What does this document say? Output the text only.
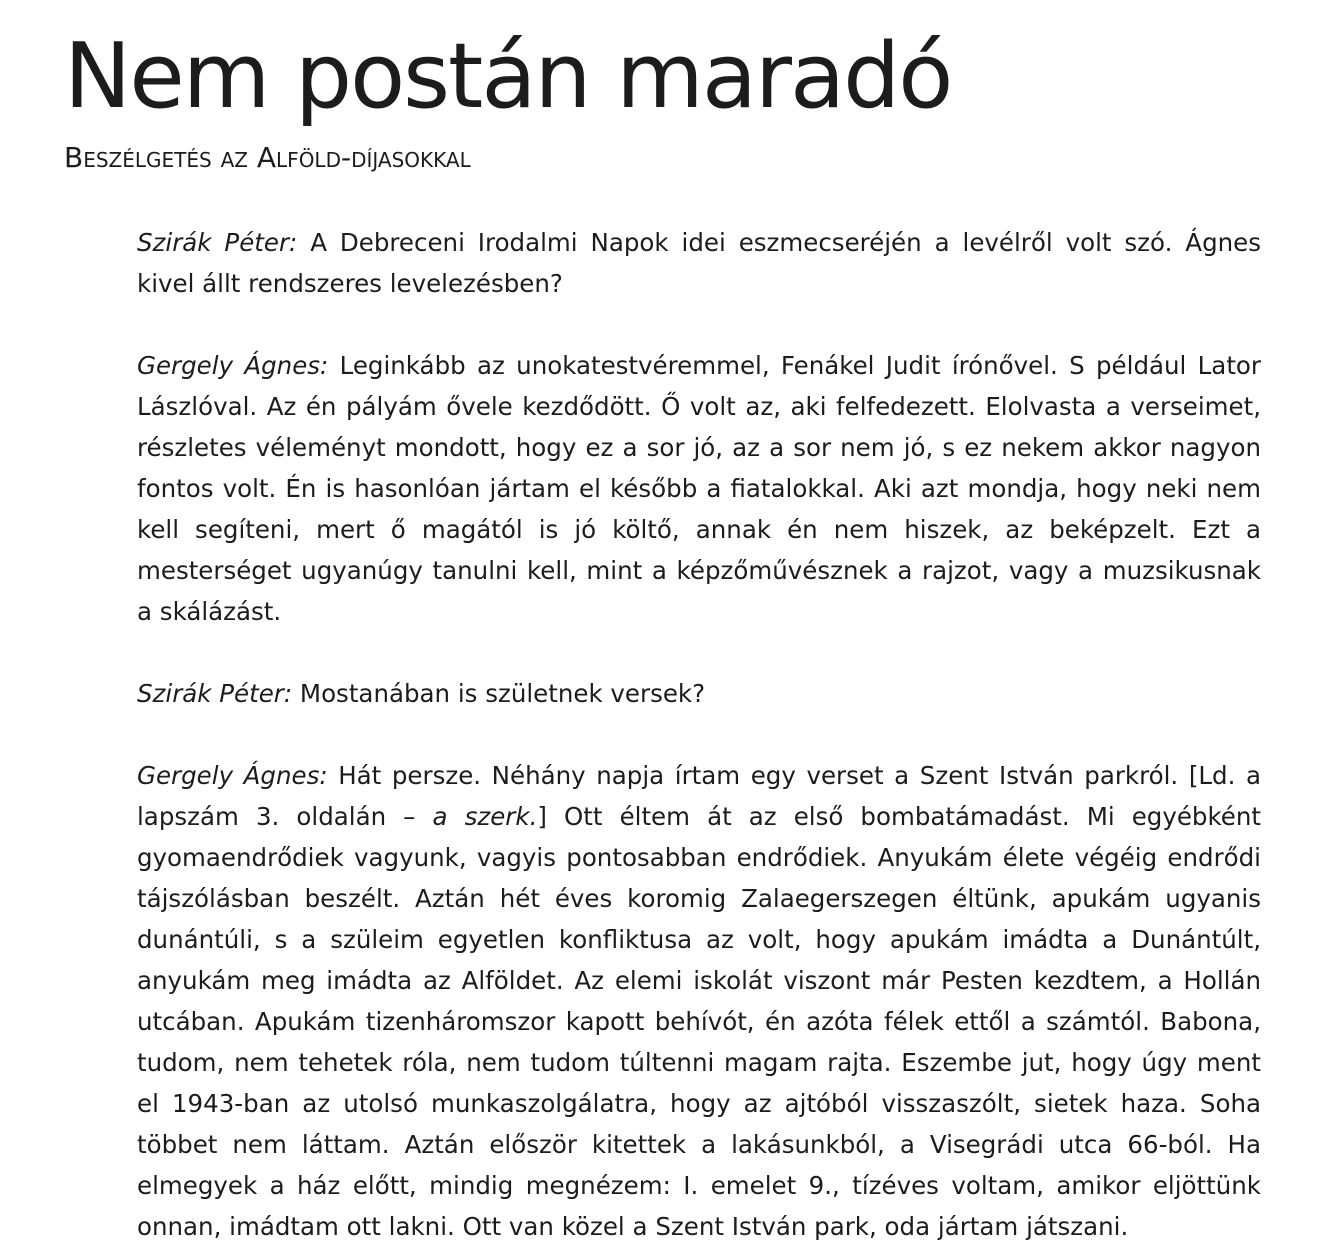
Nem postán maradó
Beszélgetés az Alföld-díjasokkal

Szirák Péter: A Debreceni Irodalmi Napok idei eszmecseréjén a levélről volt szó. Ágnes kivel állt rendszeres levelezésben?

Gergely Ágnes: Leginkább az unokatestvéremmel, Fenákel Judit írónővel. S például Lator Lászlóval. Az én pályám ővele kezdődött. Ő volt az, aki felfedezett. Elolvasta a verseimet, részletes véleményt mondott, hogy ez a sor jó, az a sor nem jó, s ez nekem akkor nagyon fontos volt. Én is hasonlóan jártam el később a fiatalokkal. Aki azt mondja, hogy neki nem kell segíteni, mert ő magától is jó költő, annak én nem hiszek, az beképzelt. Ezt a mesterséget ugyanúgy tanulni kell, mint a képzőművésznek a rajzot, vagy a muzsikusnak a skálázást.

Szirák Péter: Mostanában is születnek versek?

Gergely Ágnes: Hát persze. Néhány napja írtam egy verset a Szent István parkról. [Ld. a lapszám 3. oldalán – a szerk.] Ott éltem át az első bombatámadást. Mi egyébként gyomaendrődiek vagyunk, vagyis pontosabban endrődiek. Anyukám élete végéig endrődi tájszólásban beszélt. Aztán hét éves koromig Zalaegerszegen éltünk, apukám ugyanis dunántúli, s a szüleim egyetlen konfliktusa az volt, hogy apukám imádta a Dunántúlt, anyukám meg imádta az Alföldet. Az elemi iskolát viszont már Pesten kezdtem, a Hollán utcában. Apukám tizenháromszor kapott behívót, én azóta félek ettől a számtól. Babona, tudom, nem tehetek róla, nem tudom túltenni magam rajta. Eszembe jut, hogy úgy ment el 1943-ban az utolsó munkaszolgálatra, hogy az ajtóból visszaszólt, sietek haza. Soha többet nem láttam. Aztán először kitettek a lakásunkból, a Visegrádi utca 66-ból. Ha elmegyek a ház előtt, mindig megnézem: I. emelet 9., tízéves voltam, amikor eljöttünk onnan, imádtam ott lakni. Ott van közel a Szent István park, oda jártam játszani.
